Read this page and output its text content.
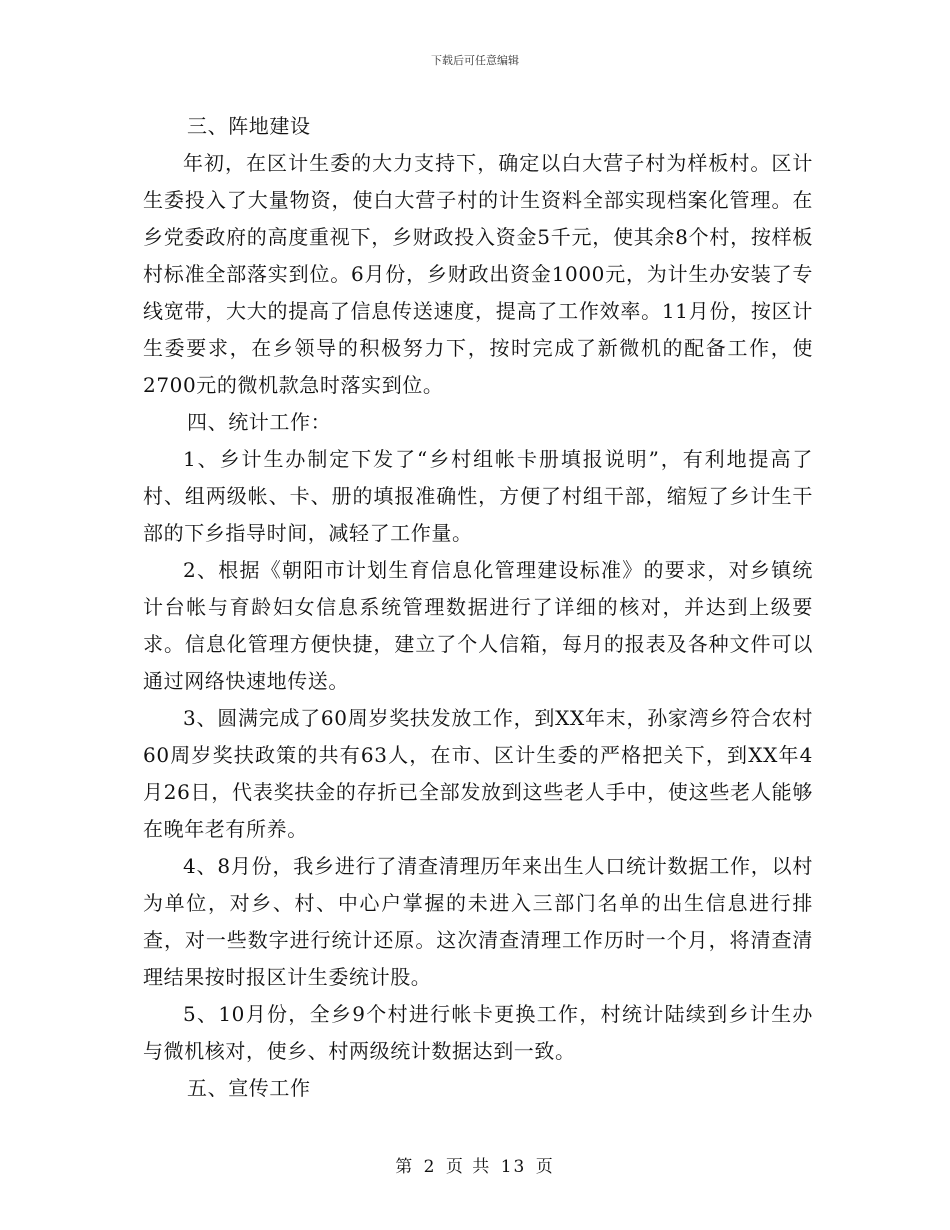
下载后可任意编辑

三、阵地建设

年初，在区计生委的大力支持下，确定以白大营子村为样板村。区计生委投入了大量物资，使白大营子村的计生资料全部实现档案化管理。在乡党委政府的高度重视下，乡财政投入资金5千元，使其余8个村，按样板村标准全部落实到位。6月份，乡财政出资金1000元，为计生办安装了专线宽带，大大的提高了信息传送速度，提高了工作效率。11月份，按区计生委要求，在乡领导的积极努力下，按时完成了新微机的配备工作，使2700元的微机款急时落实到位。

四、统计工作：

1、乡计生办制定下发了“乡村组帐卡册填报说明”，有利地提高了村、组两级帐、卡、册的填报准确性，方便了村组干部，缩短了乡计生干部的下乡指导时间，减轻了工作量。

2、根据《朝阳市计划生育信息化管理建设标准》的要求，对乡镇统计台帐与育龄妇女信息系统管理数据进行了详细的核对，并达到上级要求。信息化管理方便快捷，建立了个人信箱，每月的报表及各种文件可以通过网络快速地传送。

3、圆满完成了60周岁奖扶发放工作，到XX年末，孙家湾乡符合农村60周岁奖扶政策的共有63人，在市、区计生委的严格把关下，到XX年4月26日，代表奖扶金的存折已全部发放到这些老人手中，使这些老人能够在晚年老有所养。

4、8月份，我乡进行了清查清理历年来出生人口统计数据工作，以村为单位，对乡、村、中心户掌握的未进入三部门名单的出生信息进行排查，对一些数字进行统计还原。这次清查清理工作历时一个月，将清查清理结果按时报区计生委统计股。

5、10月份，全乡9个村进行帐卡更换工作，村统计陆续到乡计生办与微机核对，使乡、村两级统计数据达到一致。

五、宣传工作

第 2 页 共 13 页
